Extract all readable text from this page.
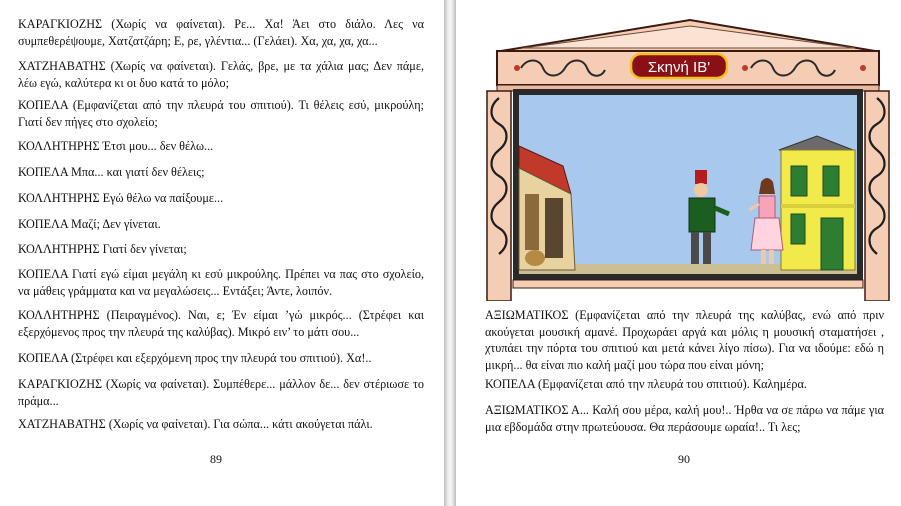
ΚΑΡΑΓΚΙΟΖΗΣ (Χωρίς να φαίνεται). Ρε... Χα! Άει στο διάλο. Λες να συμπεθερέψουμε, Χατζατζάρη; Ε, ρε, γλέντια... (Γελάει). Χα, χα, χα, χα...

ΧΑΤΖΗΑΒΑΤΗΣ (Χωρίς να φαίνεται). Γελάς, βρε, με τα χάλια μας; Δεν πάμε, λέω εγώ, καλύτερα κι οι δυο κατά το μόλο;

ΚΟΠΕΛΑ (Εμφανίζεται από την πλευρά του σπιτιού). Τι θέλεις εσύ, μικρούλη; Γιατί δεν πήγες στο σχολείο;

ΚΟΛΛΗΤΗΡΗΣ Έτσι μου... δεν θέλω...

ΚΟΠΕΛΑ Μπα... και γιατί δεν θέλεις;

ΚΟΛΛΗΤΗΡΗΣ Εγώ θέλω να παίξουμε...

ΚΟΠΕΛΑ Μαζί; Δεν γίνεται.

ΚΟΛΛΗΤΗΡΗΣ Γιατί δεν γίνεται;

ΚΟΠΕΛΑ Γιατί εγώ είμαι μεγάλη κι εσύ μικρούλης. Πρέπει να πας στο σχολείο, να μάθεις γράμματα και να μεγαλώσεις... Εντάξει; Άντε, λοιπόν.

ΚΟΛΛΗΤΗΡΗΣ (Πειραγμένος). Ναι, ε; Έν είμαι ’γώ μικρός... (Στρέφει και εξερχόμενος προς την πλευρά της καλύβας). Μικρό ειν’ το μάτι σου...

ΚΟΠΕΛΑ (Στρέφει και εξερχόμενη προς την πλευρά του σπιτιού). Χα!..

ΚΑΡΑΓΚΙΟΖΗΣ (Χωρίς να φαίνεται). Συμπέθερε... μάλλον δε... δεν στέριωσε το πράμα...

ΧΑΤΖΗΑΒΑΤΗΣ (Χωρίς να φαίνεται). Για σώπα... κάτι ακούγεται πάλι.

89
Σκηνή ΙΒ'

ΑΞΙΩΜΑΤΙΚΟΣ (Εμφανίζεται από την πλευρά της καλύβας, ενώ από πριν ακούγεται μουσική αμανέ. Προχωράει αργά και μόλις η μουσική σταματήσει , χτυπάει την πόρτα του σπιτιού και μετά κάνει λίγο πίσω). Για να ιδούμε: εδώ η μικρή... θα είναι πιο καλή μαζί μου τώρα που είναι μόνη;

ΚΟΠΕΛΑ (Εμφανίζεται από την πλευρά του σπιτιού). Καλημέρα.

ΑΞΙΩΜΑΤΙΚΟΣ Α... Καλή σου μέρα, καλή μου!.. Ήρθα να σε πάρω να πάμε για μια εβδομάδα στην πρωτεύουσα. Θα περάσουμε ωραία!.. Τι λες;

90
